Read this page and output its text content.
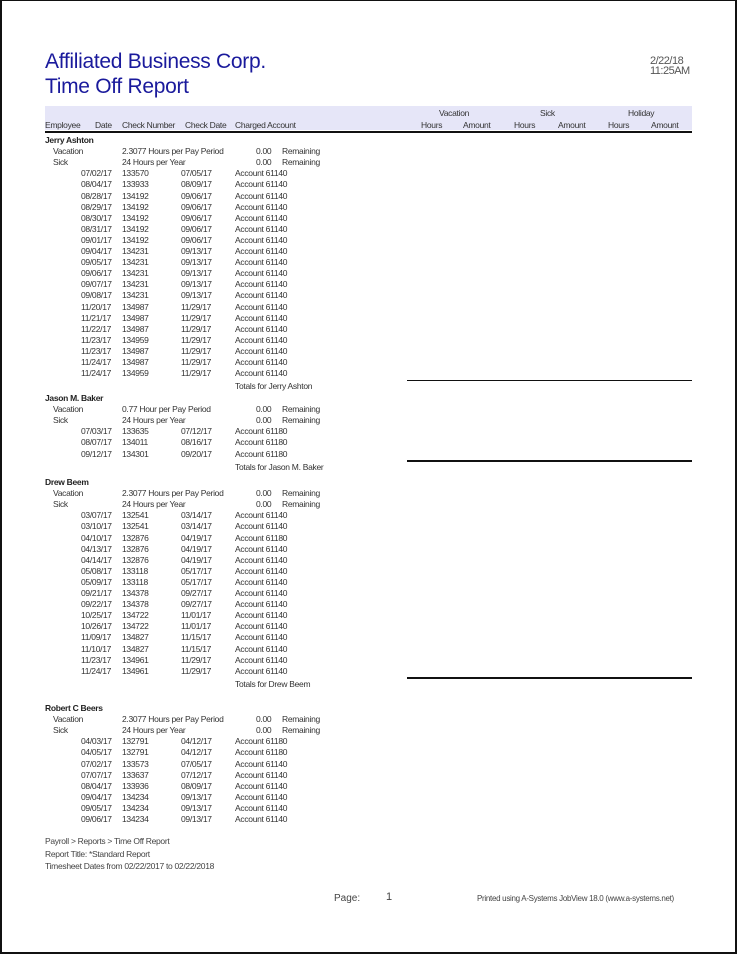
Affiliated Business Corp.
Time Off Report
2/22/18
11:25AM
Employee Date Check Number Check Date Charged Account
Vacation	Sick	Holiday
Hours Amount	Hours	Amount	Hours	Amount
Jerry Ashton
Vacation	2.3077 Hours per Pay Period	0.00 Remaining
Sick	24 Hours per Year	0.00 Remaining
07/02/17 133570	07/05/17	Account 61140
08/04/17 133933	08/09/17	Account 61140
08/28/17 134192	09/06/17	Account 61140
08/29/17 134192	09/06/17	Account 61140
08/30/17 134192	09/06/17	Account 61140
08/31/17 134192	09/06/17	Account 61140
09/01/17 134192	09/06/17	Account 61140
09/04/17 134231	09/13/17	Account 61140
09/05/17 134231	09/13/17	Account 61140
09/06/17 134231	09/13/17	Account 61140
09/07/17 134231	09/13/17	Account 61140
09/08/17 134231	09/13/17	Account 61140
11/20/17 134987	11/29/17	Account 61140
11/21/17 134987	11/29/17	Account 61140
11/22/17 134987	11/29/17	Account 61140
11/23/17 134959	11/29/17	Account 61140
11/23/17 134987	11/29/17	Account 61140
11/24/17 134987	11/29/17	Account 61140
11/24/17 134959	11/29/17	Account 61140
Totals for Jerry Ashton
Jason M. Baker
Vacation	0.77 Hour per Pay Period	0.00 Remaining
Sick	24 Hours per Year	0.00 Remaining
07/03/17 133635	07/12/17	Account 61180
08/07/17 134011	08/16/17	Account 61180
09/12/17 134301	09/20/17	Account 61180
Totals for Jason M. Baker
Drew Beem
Vacation	2.3077 Hours per Pay Period	0.00 Remaining
Sick	24 Hours per Year	0.00 Remaining
03/07/17 132541	03/14/17	Account 61140
03/10/17 132541	03/14/17	Account 61140
04/10/17 132876	04/19/17	Account 61180
04/13/17 132876	04/19/17	Account 61140
04/14/17 132876	04/19/17	Account 61140
05/08/17 133118	05/17/17	Account 61140
05/09/17 133118	05/17/17	Account 61140
09/21/17 134378	09/27/17	Account 61140
09/22/17 134378	09/27/17	Account 61140
10/25/17 134722	11/01/17	Account 61140
10/26/17 134722	11/01/17	Account 61140
11/09/17 134827	11/15/17	Account 61140
11/10/17 134827	11/15/17	Account 61140
11/23/17 134961	11/29/17	Account 61140
11/24/17 134961	11/29/17	Account 61140
Totals for Drew Beem
Robert C Beers
Vacation	2.3077 Hours per Pay Period	0.00 Remaining
Sick	24 Hours per Year	0.00 Remaining
04/03/17 132791	04/12/17	Account 61180
04/05/17 132791	04/12/17	Account 61180
07/02/17 133573	07/05/17	Account 61140
07/07/17 133637	07/12/17	Account 61140
08/04/17 133936	08/09/17	Account 61140
09/04/17 134234	09/13/17	Account 61140
09/05/17 134234	09/13/17	Account 61140
09/06/17 134234	09/13/17	Account 61140
Payroll > Reports > Time Off Report
Report Title: *Standard Report
Timesheet Dates from 02/22/2017 to 02/22/2018
Page: 1	Printed using A-Systems JobView 18.0 (www.a-systems.net)
